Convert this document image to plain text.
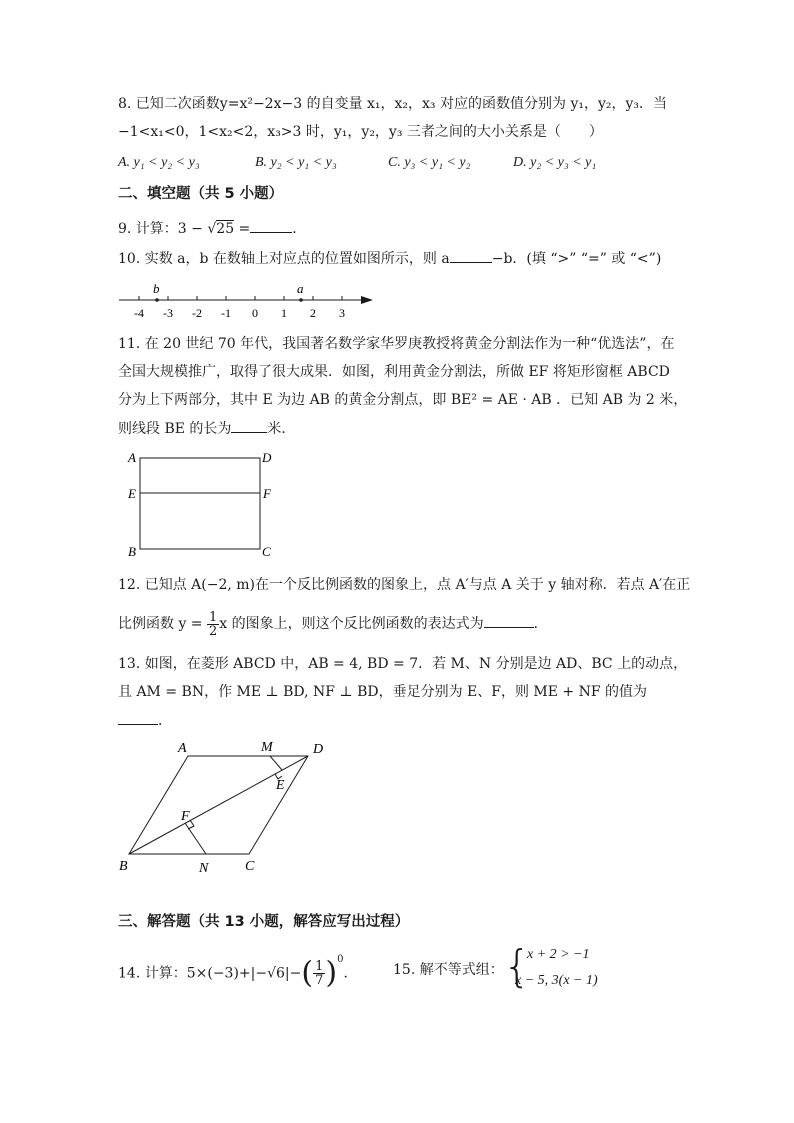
8. 已知二次函数y=x²−2x−3 的自变量 x₁，x₂，x₃ 对应的函数值分别为 y₁，y₂，y₃．当
−1<x₁<0，1<x₂<2，x₃>3 时，y₁，y₂，y₃ 三者之间的大小关系是（　　）
A. y₁ < y₂ < y₃	B. y₂ < y₁ < y₃	C. y₃ < y₁ < y₂	D. y₂ < y₃ < y₁
二、填空题（共 5 小题）
9. 计算：3 − √25 =	．
10. 实数 a，b 在数轴上对应点的位置如图所示，则 a	−b．(填 “>” “=” 或 “<”)
-4 -3 -2 -1 0 1 2 3
b	a
11. 在 20 世纪 70 年代，我国著名数学家华罗庚教授将黄金分割法作为一种“优选法”，在
全国大规模推广，取得了很大成果．如图，利用黄金分割法，所做 EF 将矩形窗框 ABCD
分为上下两部分，其中 E 为边 AB 的黄金分割点，即 BE² = AE · AB ．已知 AB 为 2 米，
则线段 BE 的长为	米．
A	D
E	F
B	C
12. 已知点 A(−2, m)在一个反比例函数的图象上，点 A′与点 A 关于 y 轴对称．若点 A′在正
比例函数 $y = \frac{1}{2}$ x 的图象上，则这个反比例函数的表达式为	．
13. 如图，在菱形 ABCD 中，AB = 4, BD = 7．若 M、N 分别是边 AD、BC 上的动点，
且 AM = BN，作 ME ⊥ BD, NF ⊥ BD，垂足分别为 E、F，则 ME + NF 的值为
．
A	M	D
E
F
B	N	C
三、解答题（共 13 小题，解答应写出过程）
14. 计算：$5\times(-3)+|-√6|-( \frac{1}{7} )^0$．	15. 解不等式组： {
x + 2 > −1
x − 5, 3(x − 1)
